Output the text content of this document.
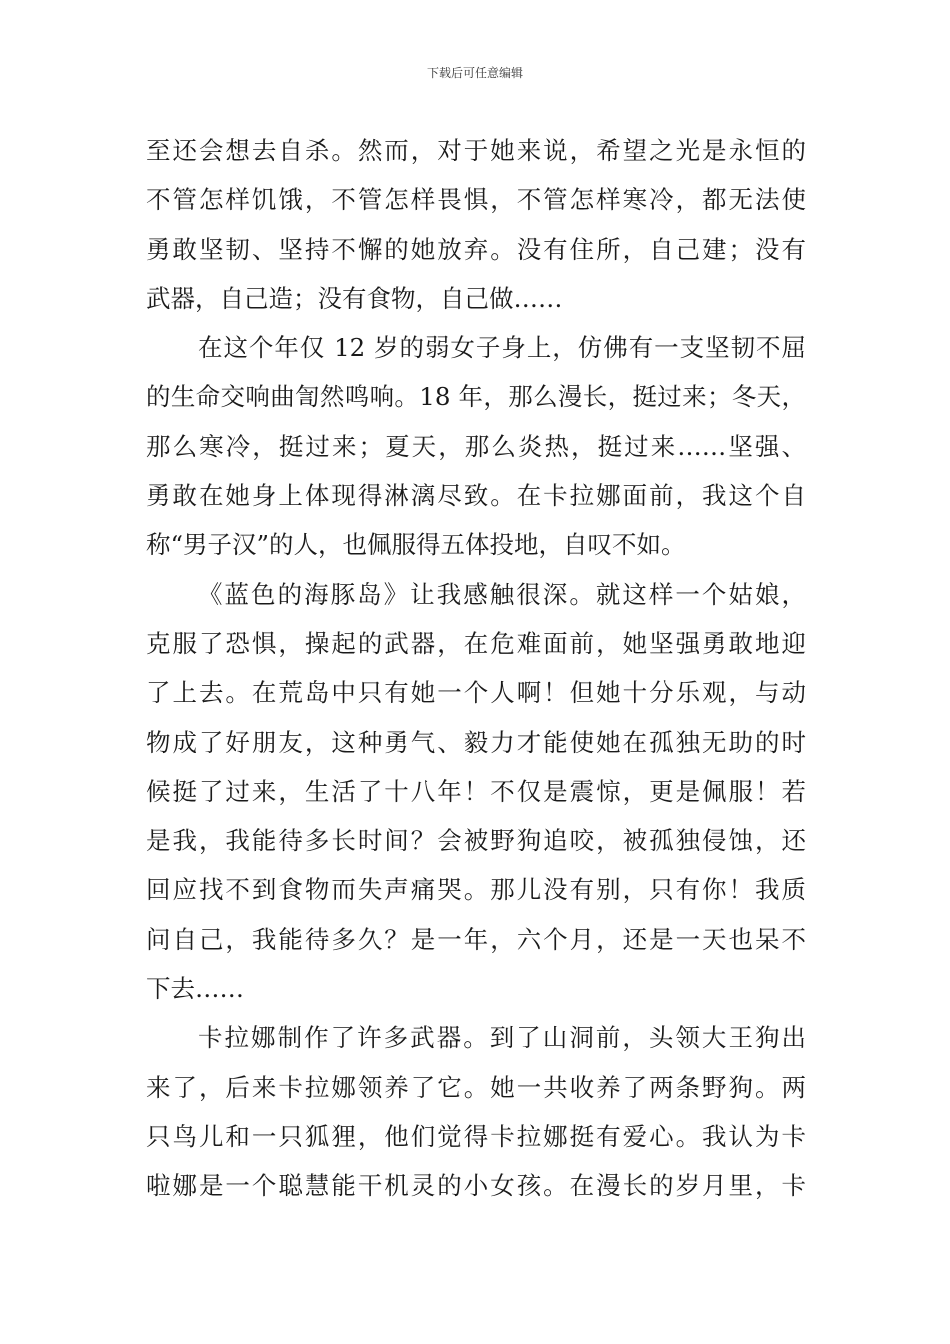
下载后可任意编辑
至还会想去自杀。然而，对于她来说，希望之光是永恒的
不管怎样饥饿，不管怎样畏惧，不管怎样寒冷，都无法使
勇敢坚韧、坚持不懈的她放弃。没有住所，自己建；没有
武器，自己造；没有食物，自己做……
在这个年仅 12 岁的弱女子身上，仿佛有一支坚韧不屈
的生命交响曲訇然鸣响。18 年，那么漫长，挺过来；冬天，
那么寒冷，挺过来；夏天，那么炎热，挺过来……坚强、
勇敢在她身上体现得淋漓尽致。在卡拉娜面前，我这个自
称“男子汉”的人，也佩服得五体投地，自叹不如。
《蓝色的海豚岛》让我感触很深。就这样一个姑娘，
克服了恐惧，操起的武器，在危难面前，她坚强勇敢地迎
了上去。在荒岛中只有她一个人啊！但她十分乐观，与动
物成了好朋友，这种勇气、毅力才能使她在孤独无助的时
候挺了过来，生活了十八年！不仅是震惊，更是佩服！若
是我，我能待多长时间？会被野狗追咬，被孤独侵蚀，还
回应找不到食物而失声痛哭。那儿没有别，只有你！我质
问自己，我能待多久？是一年，六个月，还是一天也呆不
下去……
卡拉娜制作了许多武器。到了山洞前，头领大王狗出
来了，后来卡拉娜领养了它。她一共收养了两条野狗。两
只鸟儿和一只狐狸，他们觉得卡拉娜挺有爱心。我认为卡
啦娜是一个聪慧能干机灵的小女孩。在漫长的岁月里，卡
